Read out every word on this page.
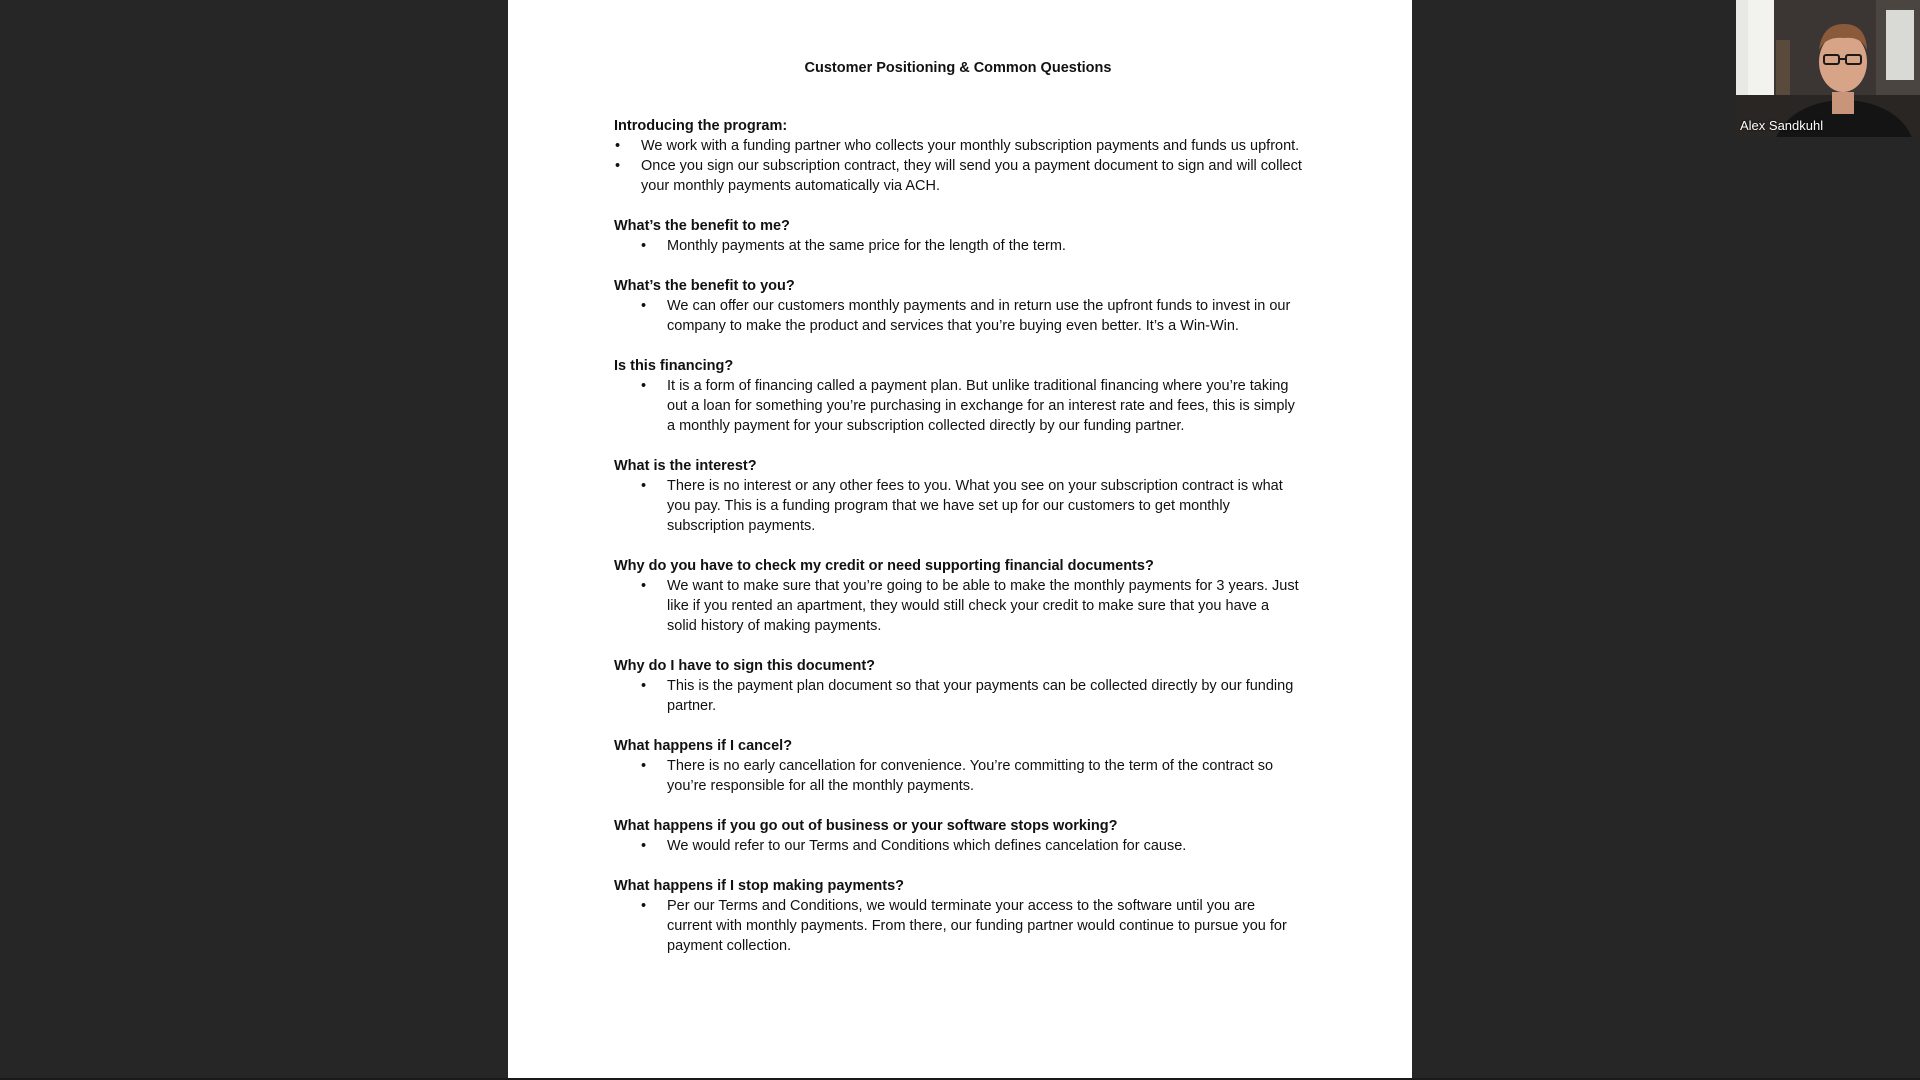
Customer Positioning & Common Questions

Introducing the program:

• We work with a funding partner who collects your monthly subscription payments and funds us upfront.
• Once you sign our subscription contract, they will send you a payment document to sign and will collect your monthly payments automatically via ACH.

What’s the benefit to me?

• Monthly payments at the same price for the length of the term.

What’s the benefit to you?

• We can offer our customers monthly payments and in return use the upfront funds to invest in our company to make the product and services that you’re buying even better. It’s a Win-Win.

Is this financing?

• It is a form of financing called a payment plan. But unlike traditional financing where you’re taking out a loan for something you’re purchasing in exchange for an interest rate and fees, this is simply a monthly payment for your subscription collected directly by our funding partner.

What is the interest?

• There is no interest or any other fees to you. What you see on your subscription contract is what you pay. This is a funding program that we have set up for our customers to get monthly subscription payments.

Why do you have to check my credit or need supporting financial documents?

• We want to make sure that you’re going to be able to make the monthly payments for 3 years. Just like if you rented an apartment, they would still check your credit to make sure that you have a solid history of making payments.

Why do I have to sign this document?

• This is the payment plan document so that your payments can be collected directly by our funding partner.

What happens if I cancel?

• There is no early cancellation for convenience. You’re committing to the term of the contract so you’re responsible for all the monthly payments.

What happens if you go out of business or your software stops working?

• We would refer to our Terms and Conditions which defines cancelation for cause.

What happens if I stop making payments?

• Per our Terms and Conditions, we would terminate your access to the software until you are current with monthly payments. From there, our funding partner would continue to pursue you for payment collection.
Alex Sandkuhl
